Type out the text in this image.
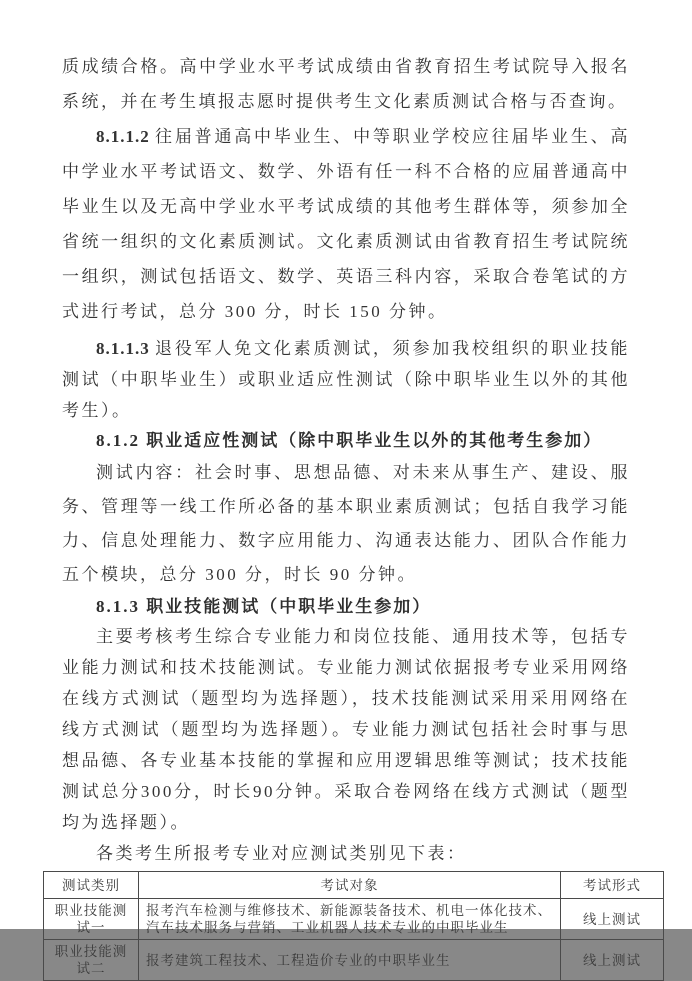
质成绩合格。高中学业水平考试成绩由省教育招生考试院导入报名系统，并在考生填报志愿时提供考生文化素质测试合格与否查询。

8.1.1.2 往届普通高中毕业生、中等职业学校应往届毕业生、高中学业水平考试语文、数学、外语有任一科不合格的应届普通高中毕业生以及无高中学业水平考试成绩的其他考生群体等，须参加全省统一组织的文化素质测试。文化素质测试由省教育招生考试院统一组织，测试包括语文、数学、英语三科内容，采取合卷笔试的方式进行考试，总分 300 分，时长 150 分钟。

8.1.1.3 退役军人免文化素质测试，须参加我校组织的职业技能测试（中职毕业生）或职业适应性测试（除中职毕业生以外的其他考生）。

8.1.2 职业适应性测试（除中职毕业生以外的其他考生参加）

测试内容：社会时事、思想品德、对未来从事生产、建设、服务、管理等一线工作所必备的基本职业素质测试；包括自我学习能力、信息处理能力、数字应用能力、沟通表达能力、团队合作能力五个模块，总分 300 分，时长 90 分钟。

8.1.3 职业技能测试（中职毕业生参加）

主要考核考生综合专业能力和岗位技能、通用技术等，包括专业能力测试和技术技能测试。专业能力测试依据报考专业采用网络在线方式测试（题型均为选择题），技术技能测试采用采用网络在线方式测试（题型均为选择题）。专业能力测试包括社会时事与思想品德、各专业基本技能的掌握和应用逻辑思维等测试；技术技能测试总分300分，时长90分钟。采取合卷网络在线方式测试（题型均为选择题）。

各类考生所报考专业对应测试类别见下表：

测试类别	考试对象	考试形式
职业技能测试一	报考汽车检测与维修技术、新能源装备技术、机电一体化技术、汽车技术服务与营销、工业机器人技术专业的中职毕业生	线上测试
职业技能测试二	报考建筑工程技术、工程造价专业的中职毕业生	线上测试
